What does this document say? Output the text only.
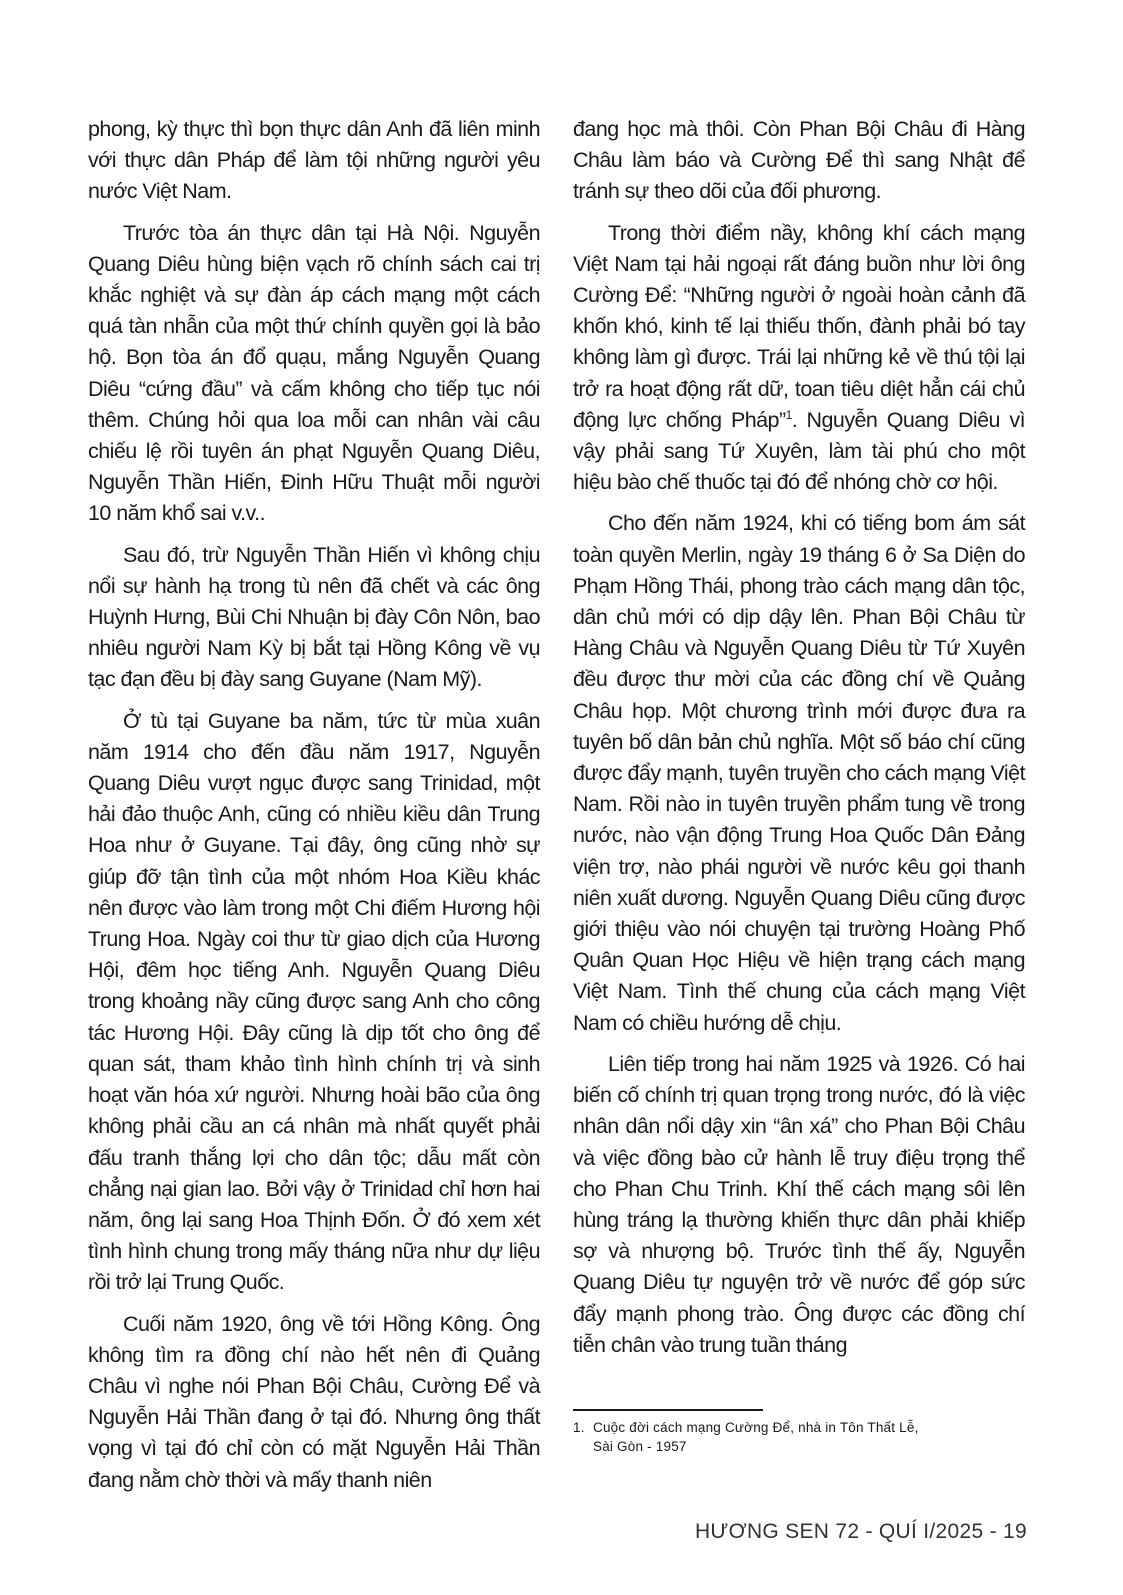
phong, kỳ thực thì bọn thực dân Anh đã liên minh với thực dân Pháp để làm tội những người yêu nước Việt Nam.

Trước tòa án thực dân tại Hà Nội. Nguyễn Quang Diêu hùng biện vạch rõ chính sách cai trị khắc nghiệt và sự đàn áp cách mạng một cách quá tàn nhẫn của một thứ chính quyền gọi là bảo hộ. Bọn tòa án đổ quạu, mắng Nguyễn Quang Diêu “cứng đầu” và cấm không cho tiếp tục nói thêm. Chúng hỏi qua loa mỗi can nhân vài câu chiếu lệ rồi tuyên án phạt Nguyễn Quang Diêu, Nguyễn Thần Hiến, Đinh Hữu Thuật mỗi người 10 năm khổ sai v.v..

Sau đó, trừ Nguyễn Thần Hiến vì không chịu nổi sự hành hạ trong tù nên đã chết và các ông Huỳnh Hưng, Bùi Chi Nhuận bị đày Côn Nôn, bao nhiêu người Nam Kỳ bị bắt tại Hồng Kông về vụ tạc đạn đều bị đày sang Guyane (Nam Mỹ).

Ở tù tại Guyane ba năm, tức từ mùa xuân năm 1914 cho đến đầu năm 1917, Nguyễn Quang Diêu vượt ngục được sang Trinidad, một hải đảo thuộc Anh, cũng có nhiều kiều dân Trung Hoa như ở Guyane. Tại đây, ông cũng nhờ sự giúp đỡ tận tình của một nhóm Hoa Kiều khác nên được vào làm trong một Chi điếm Hương hội Trung Hoa. Ngày coi thư từ giao dịch của Hương Hội, đêm học tiếng Anh. Nguyễn Quang Diêu trong khoảng nầy cũng được sang Anh cho công tác Hương Hội. Đây cũng là dịp tốt cho ông để quan sát, tham khảo tình hình chính trị và sinh hoạt văn hóa xứ người. Nhưng hoài bão của ông không phải cầu an cá nhân mà nhất quyết phải đấu tranh thắng lợi cho dân tộc; dẫu mất còn chẳng nại gian lao. Bởi vậy ở Trinidad chỉ hơn hai năm, ông lại sang Hoa Thịnh Đốn. Ở đó xem xét tình hình chung trong mấy tháng nữa như dự liệu rồi trở lại Trung Quốc.

Cuối năm 1920, ông về tới Hồng Kông. Ông không tìm ra đồng chí nào hết nên đi Quảng Châu vì nghe nói Phan Bội Châu, Cường Để và Nguyễn Hải Thần đang ở tại đó. Nhưng ông thất vọng vì tại đó chỉ còn có mặt Nguyễn Hải Thần đang nằm chờ thời và mấy thanh niên

đang học mà thôi. Còn Phan Bội Châu đi Hàng Châu làm báo và Cường Để thì sang Nhật để tránh sự theo dõi của đối phương.

Trong thời điểm nầy, không khí cách mạng Việt Nam tại hải ngoại rất đáng buồn như lời ông Cường Để: “Những người ở ngoài hoàn cảnh đã khốn khó, kinh tế lại thiếu thốn, đành phải bó tay không làm gì được. Trái lại những kẻ về thú tội lại trở ra hoạt động rất dữ, toan tiêu diệt hẳn cái chủ động lực chống Pháp”$^1$. Nguyễn Quang Diêu vì vậy phải sang Tứ Xuyên, làm tài phú cho một hiệu bào chế thuốc tại đó để nhóng chờ cơ hội.

Cho đến năm 1924, khi có tiếng bom ám sát toàn quyền Merlin, ngày 19 tháng 6 ở Sa Diện do Phạm Hồng Thái, phong trào cách mạng dân tộc, dân chủ mới có dịp dậy lên. Phan Bội Châu từ Hàng Châu và Nguyễn Quang Diêu từ Tứ Xuyên đều được thư mời của các đồng chí về Quảng Châu họp. Một chương trình mới được đưa ra tuyên bố dân bản chủ nghĩa. Một số báo chí cũng được đẩy mạnh, tuyên truyền cho cách mạng Việt Nam. Rồi nào in tuyên truyền phẩm tung về trong nước, nào vận động Trung Hoa Quốc Dân Đảng viện trợ, nào phái người về nước kêu gọi thanh niên xuất dương. Nguyễn Quang Diêu cũng được giới thiệu vào nói chuyện tại trường Hoàng Phố Quân Quan Học Hiệu về hiện trạng cách mạng Việt Nam. Tình thế chung của cách mạng Việt Nam có chiều hướng dễ chịu.

Liên tiếp trong hai năm 1925 và 1926. Có hai biến cố chính trị quan trọng trong nước, đó là việc nhân dân nổi dậy xin “ân xá” cho Phan Bội Châu và việc đồng bào cử hành lễ truy điệu trọng thể cho Phan Chu Trinh. Khí thế cách mạng sôi lên hùng tráng lạ thường khiến thực dân phải khiếp sợ và nhượng bộ. Trước tình thế ấy, Nguyễn Quang Diêu tự nguyện trở về nước để góp sức đẩy mạnh phong trào. Ông được các đồng chí tiễn chân vào trung tuần tháng

1. Cuộc đời cách mạng Cường Để, nhà in Tôn Thất Lễ,
Sài Gòn - 1957
HƯƠNG SEN 72 - QUÍ I/2025 - 19
